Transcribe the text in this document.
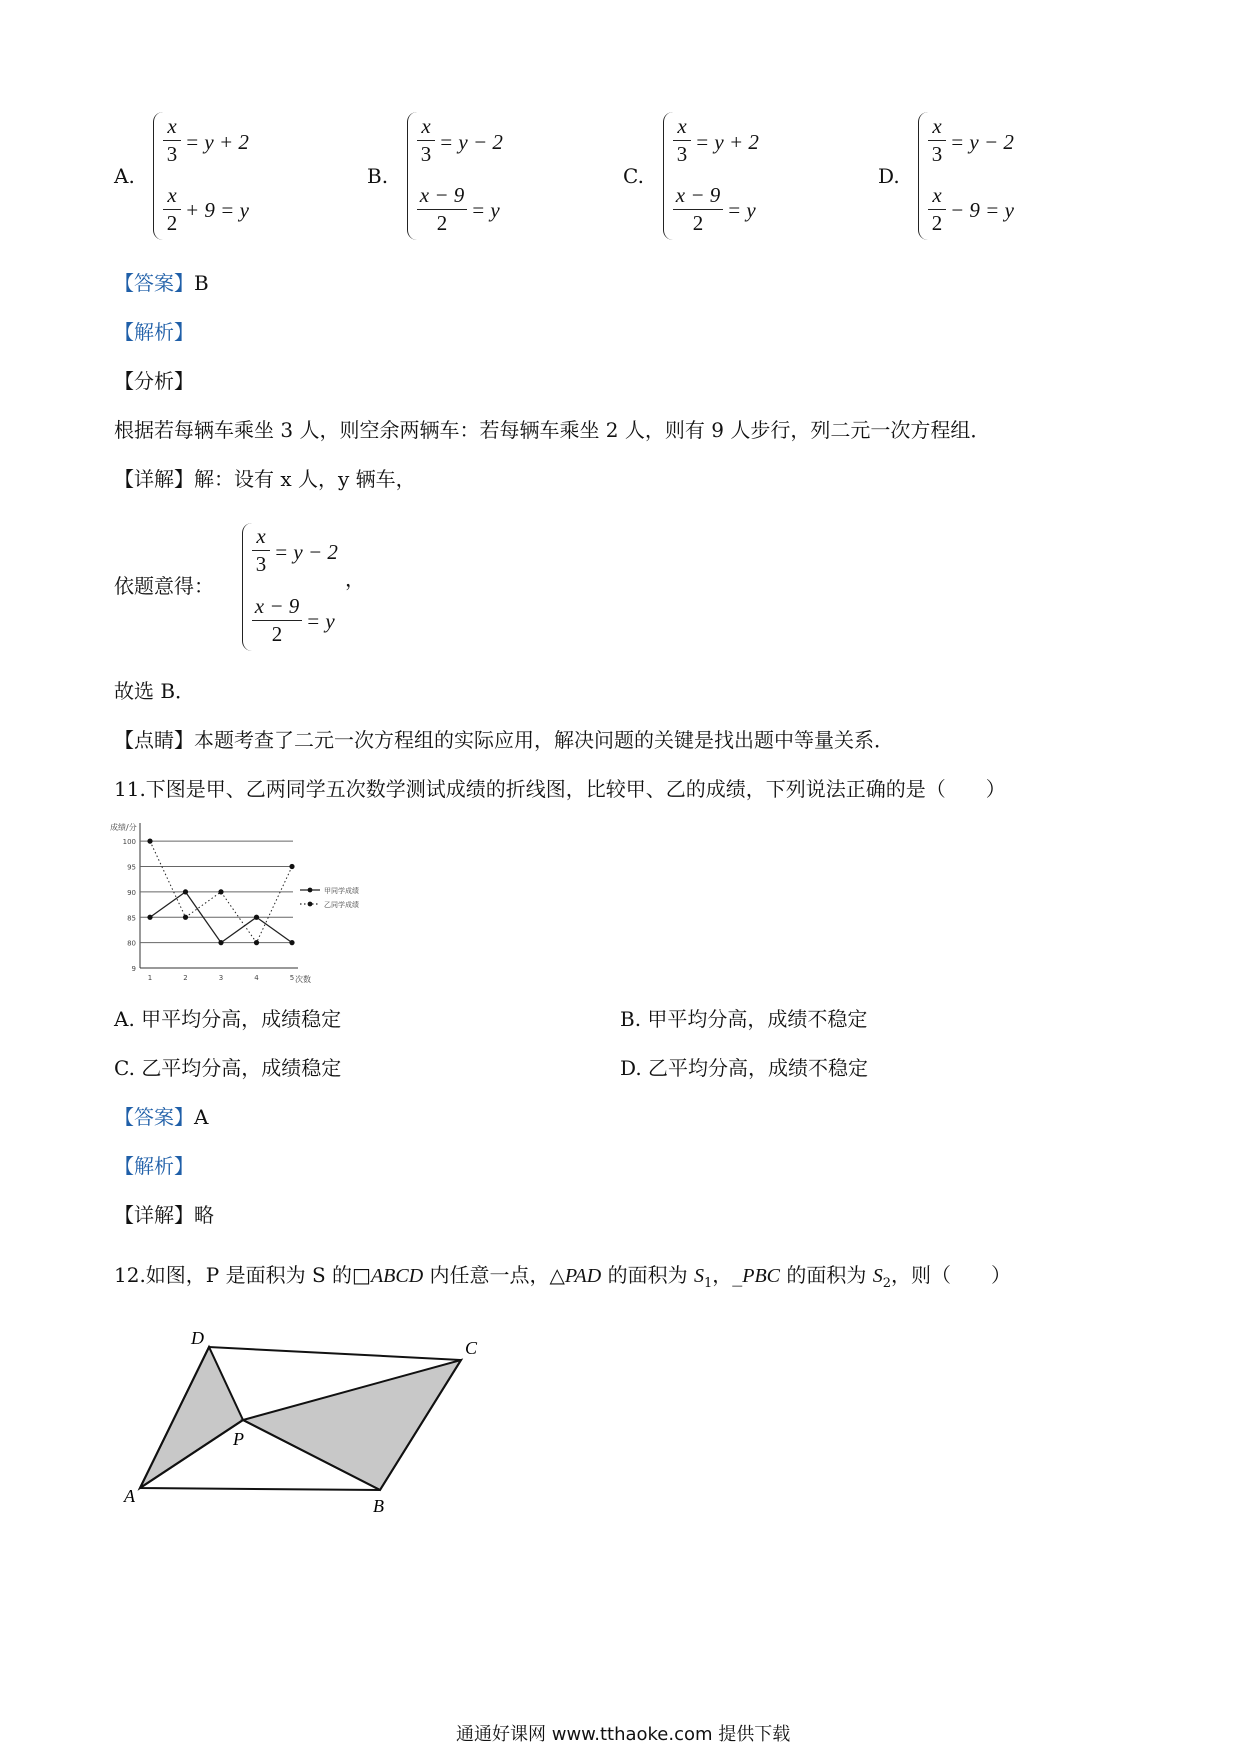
A.
x
3 = y + 2
x
2
+ 9 = y
B.
x
3 = y − 2
x − 9
2
= y
C.
x
3 = y + 2
x − 9
2
= y
D.
x
3 = y − 2
x
2
− 9 = y
【答案】B
【解析】
【分析】
根据若每辆车乘坐 3 人，则空余两辆车：若每辆车乘坐 2 人，则有 9 人步行，列二元一次方程组．
【详解】解：设有 x 人，y 辆车，
依题意得：
x
3 = y − 2
x − 9
2
= y
，
故选 B．
【点睛】本题考查了二元一次方程组的实际应用，解决问题的关键是找出题中等量关系．
11.下图是甲、乙两同学五次数学测试成绩的折线图，比较甲、乙的成绩，下列说法正确的是（　　）
成绩/分
次数
9
80
85
90
95
100
1	2	3	4	5
甲同学成绩
乙同学成绩
A. 甲平均分高，成绩稳定	B. 甲平均分高，成绩不稳定
C. 乙平均分高，成绩稳定	D. 乙平均分高，成绩不稳定
【答案】A
【解析】
【详解】略
12.如图，P 是面积为 S 的□ABCD 内任意一点，△PAD 的面积为 $S_1$，_PBC 的面积为 $S_2$，则（　　）
D	C
P
A	B
通通好课网 www.tthaoke.com 提供下载
